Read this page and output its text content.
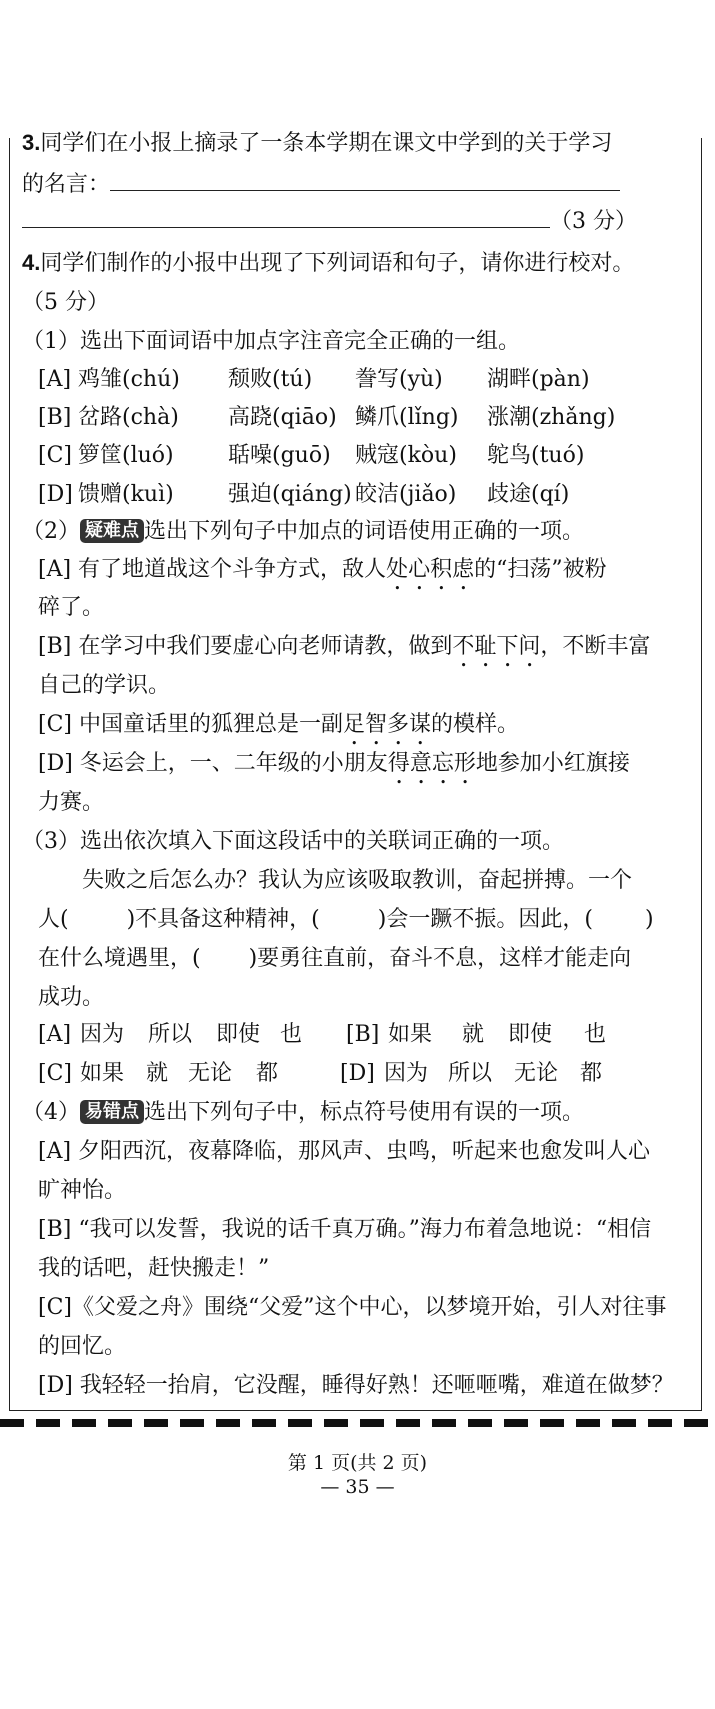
3.同学们在小报上摘录了一条本学期在课文中学到的关于学习
的名言：
（3 分）
4.同学们制作的小报中出现了下列词语和句子，请你进行校对。
（5 分）
（1）选出下面词语中加点字注音完全正确的一组。
[A] 鸡雏(chú) 颓败(tú) 誊写(yù) 湖畔(pàn)
[B] 岔路(chà) 高跷(qiāo) 鳞爪(lǐng) 涨潮(zhǎng)
[C] 箩筐(luó) 聒噪(guō) 贼寇(kòu) 鸵鸟(tuó)
[D] 馈赠(kuì) 强迫(qiáng) 皎洁(jiǎo) 歧途(qí)
（2） 疑难点 选出下列句子中加点的词语使用正确的一项。
[A] 有了地道战这个斗争方式，敌人处心积虑的“扫荡”被粉
碎了。
[B] 在学习中我们要虚心向老师请教，做到不耻下问，不断丰富
自己的学识。
[C] 中国童话里的狐狸总是一副足智多谋的模样。
[D] 冬运会上，一、二年级的小朋友得意忘形地参加小红旗接
力赛。
（3）选出依次填入下面这段话中的关联词正确的一项。
失败之后怎么办？我认为应该吸取教训，奋起拼搏。一个
人(	)不具备这种精神，(	)会一蹶不振。因此，( )
在什么境遇里，( )要勇往直前，奋斗不息，这样才能走向
成功。
[A] 因为 所以 即使 也 [B] 如果 就 即使 也
[C] 如果 就 无论 都	[D] 因为 所以 无论 都
（4） 易错点 选出下列句子中，标点符号使用有误的一项。
[A] 夕阳西沉，夜幕降临，那风声、虫鸣，听起来也愈发叫人心
旷神怡。
[B] “我可以发誓，我说的话千真万确。”海力布着急地说：“相信
我的话吧，赶快搬走！”
[C]《父爱之舟》围绕“父爱”这个中心，以梦境开始，引人对往事
的回忆。
[D] 我轻轻一抬肩，它没醒，睡得好熟！还咂咂嘴，难道在做梦？
第 1 页(共 2 页)
— 35 —
